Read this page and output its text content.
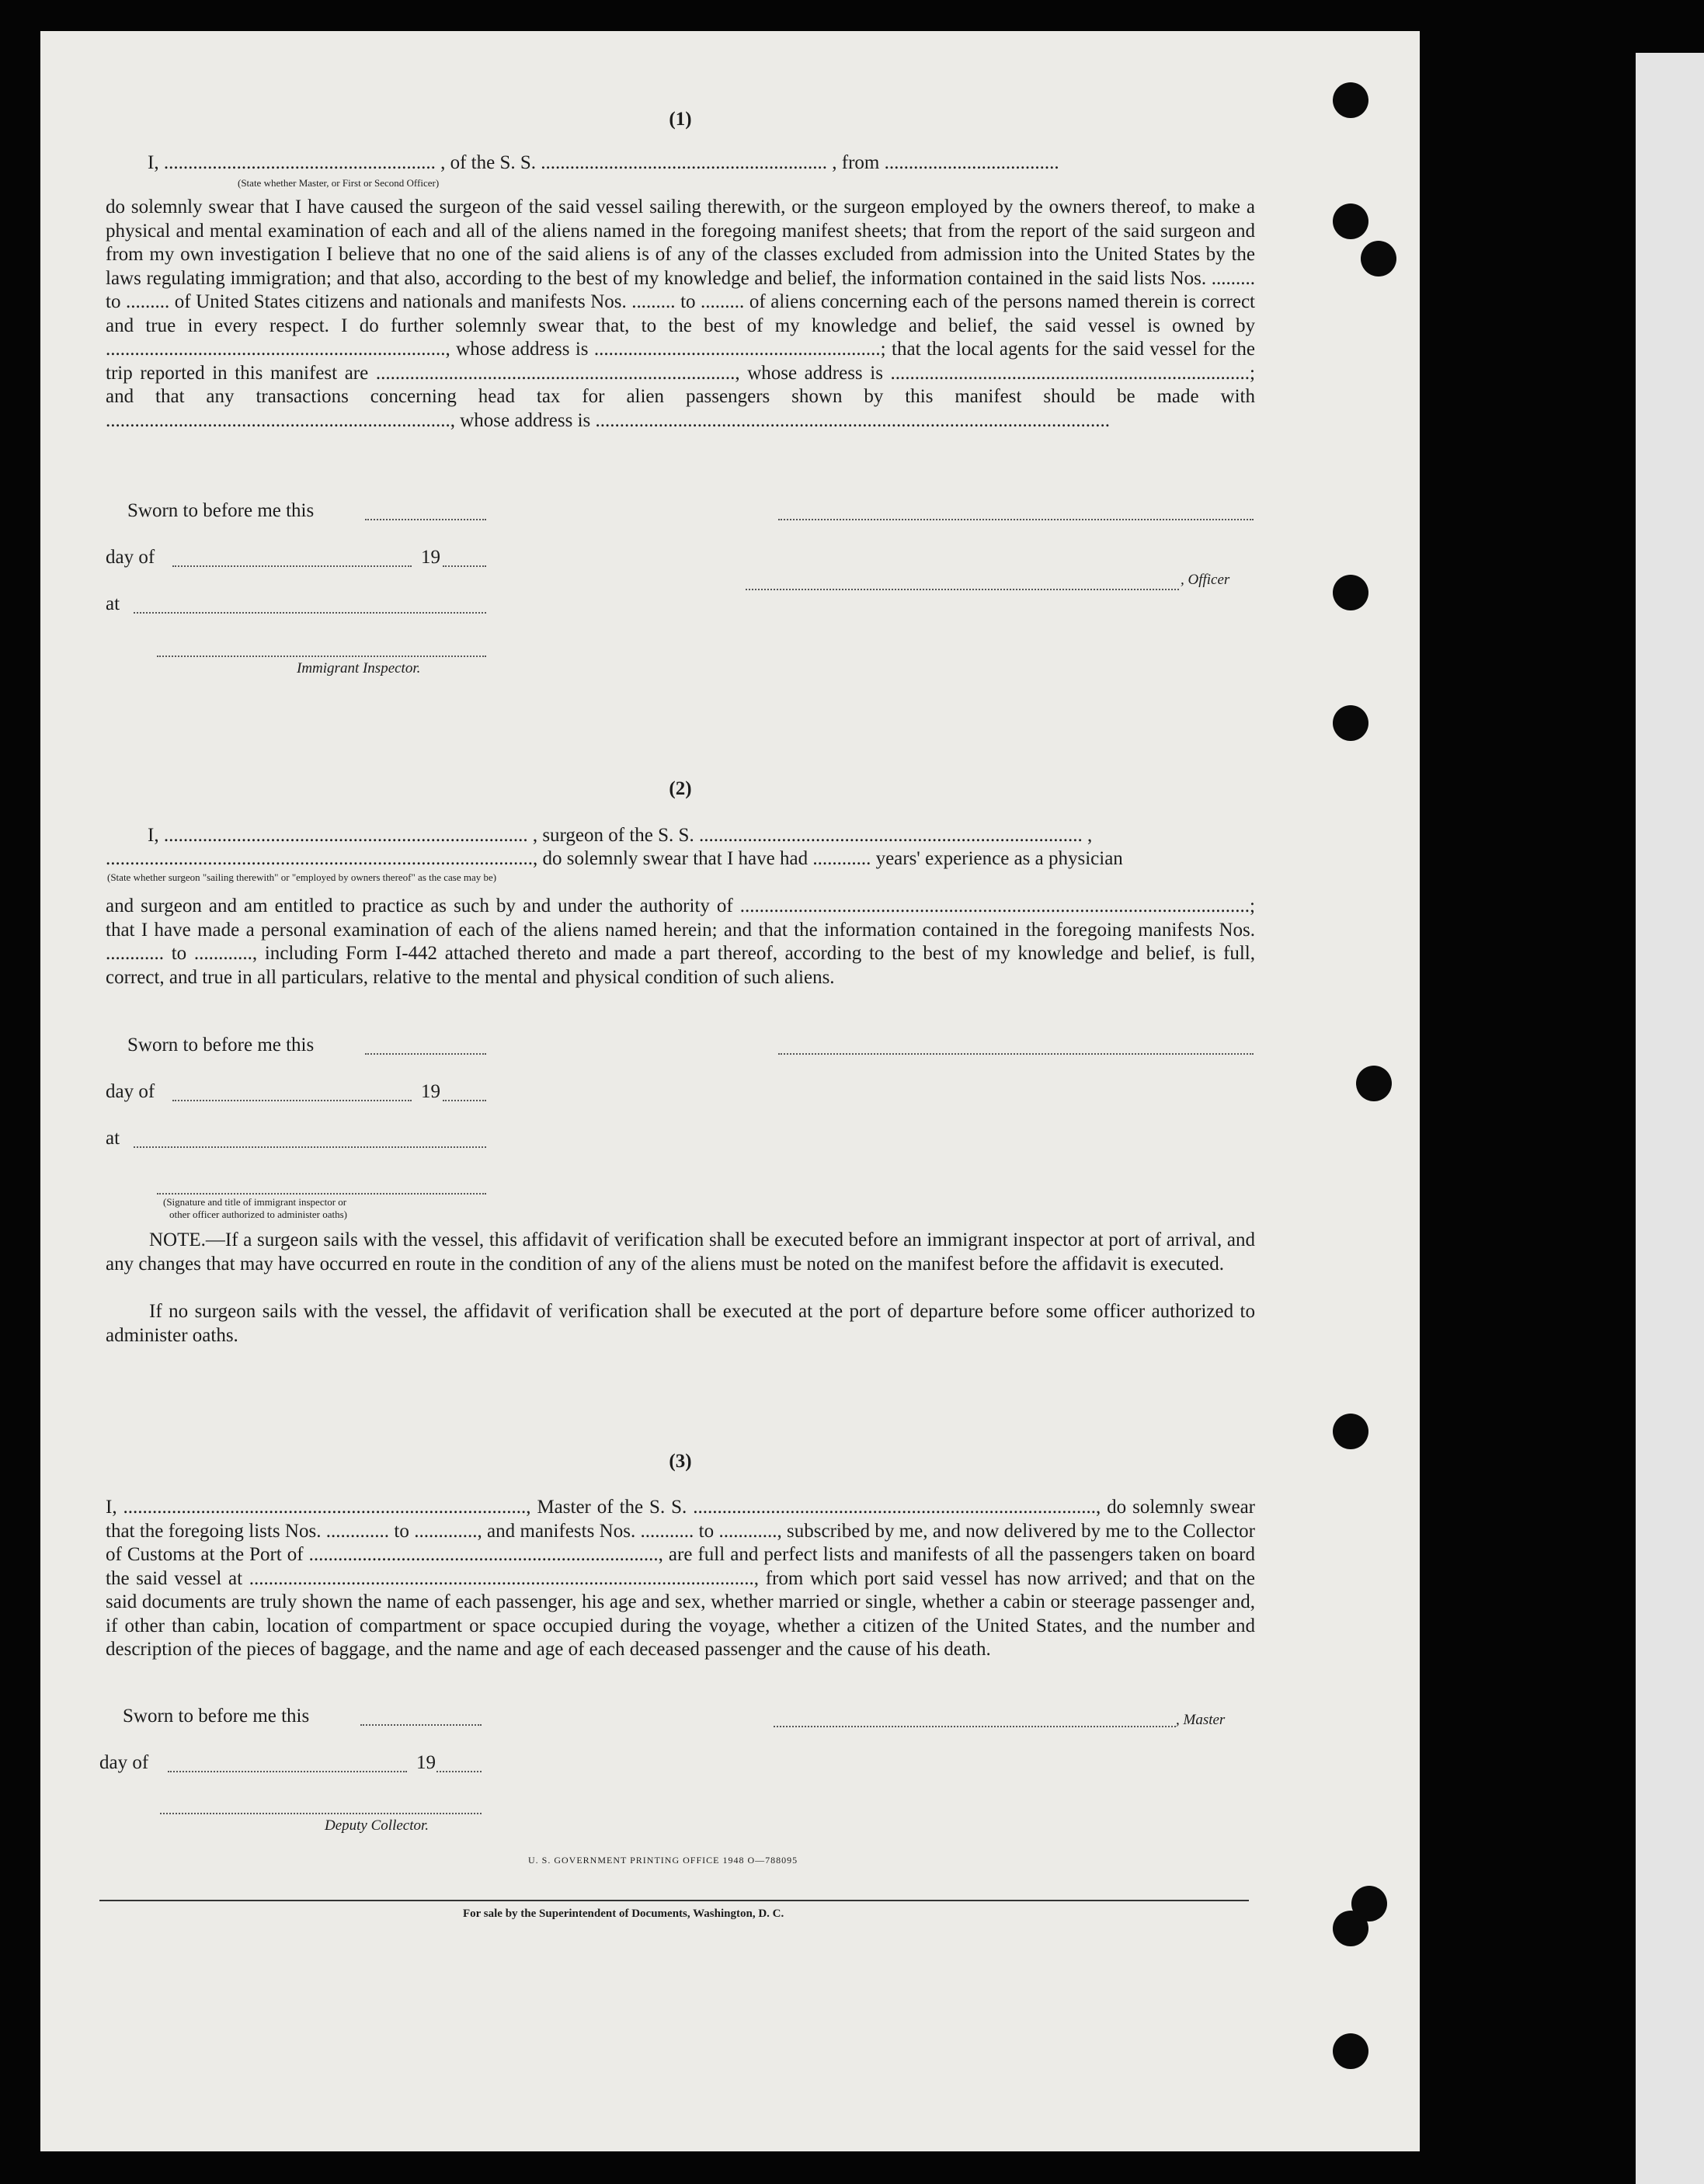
(1)
I, ........................................................ , of the S. S. ........................................................... , from ....................................
(State whether Master, or First or Second Officer)
do solemnly swear that I have caused the surgeon of the said vessel sailing therewith, or the surgeon employed by the owners thereof, to make a physical and mental examination of each and all of the aliens named in the foregoing manifest sheets; that from the report of the said surgeon and from my own investigation I believe that no one of the said aliens is of any of the classes excluded from admission into the United States by the laws regulating immigration; and that also, according to the best of my knowledge and belief, the information contained in the said lists Nos. ......... to ......... of United States citizens and nationals and manifests Nos. ......... to ......... of aliens concerning each of the persons named therein is correct and true in every respect. I do further solemnly swear that, to the best of my knowledge and belief, the said vessel is owned by ......................................................................, whose address is ...........................................................; that the local agents for the said vessel for the trip reported in this manifest are .........................................................................., whose address is ..........................................................................; and that any transactions concerning head tax for alien passengers shown by this manifest should be made with ......................................................................., whose address is ..........................................................................................................
Sworn to before me this
day of	19
, Officer
at
Immigrant Inspector.
(2)
I, ........................................................................... , surgeon of the S. S. ............................................................................... ,
........................................................................................, do solemnly swear that I have had ............ years' experience as a physician
(State whether surgeon "sailing therewith" or "employed by owners thereof" as the case may be)
and surgeon and am entitled to practice as such by and under the authority of .........................................................................................................; that I have made a personal examination of each of the aliens named herein; and that the information contained in the foregoing manifests Nos. ............ to ............, including Form I-442 attached thereto and made a part thereof, according to the best of my knowledge and belief, is full, correct, and true in all particulars, relative to the mental and physical condition of such aliens.
Sworn to before me this
day of	19
at
(Signature and title of immigrant inspector or
other officer authorized to administer oaths)
NOTE.—If a surgeon sails with the vessel, this affidavit of verification shall be executed before an immigrant inspector at port of arrival, and any changes that may have occurred en route in the condition of any of the aliens must be noted on the manifest before the affidavit is executed.
If no surgeon sails with the vessel, the affidavit of verification shall be executed at the port of departure before some officer authorized to administer oaths.
(3)
I, ..................................................................................., Master of the S. S. ..................................................................................., do solemnly swear that the foregoing lists Nos. ............. to ............., and manifests Nos. ........... to ............, subscribed by me, and now delivered by me to the Collector of Customs at the Port of ........................................................................, are full and perfect lists and manifests of all the passengers taken on board the said vessel at ........................................................................................................, from which port said vessel has now arrived; and that on the said documents are truly shown the name of each passenger, his age and sex, whether married or single, whether a cabin or steerage passenger and, if other than cabin, location of compartment or space occupied during the voyage, whether a citizen of the United States, and the number and description of the pieces of baggage, and the name and age of each deceased passenger and the cause of his death.
Sworn to before me this	, Master
day of	19
Deputy Collector.
U. S. GOVERNMENT PRINTING OFFICE 1948 O—788095
For sale by the Superintendent of Documents, Washington, D. C.
